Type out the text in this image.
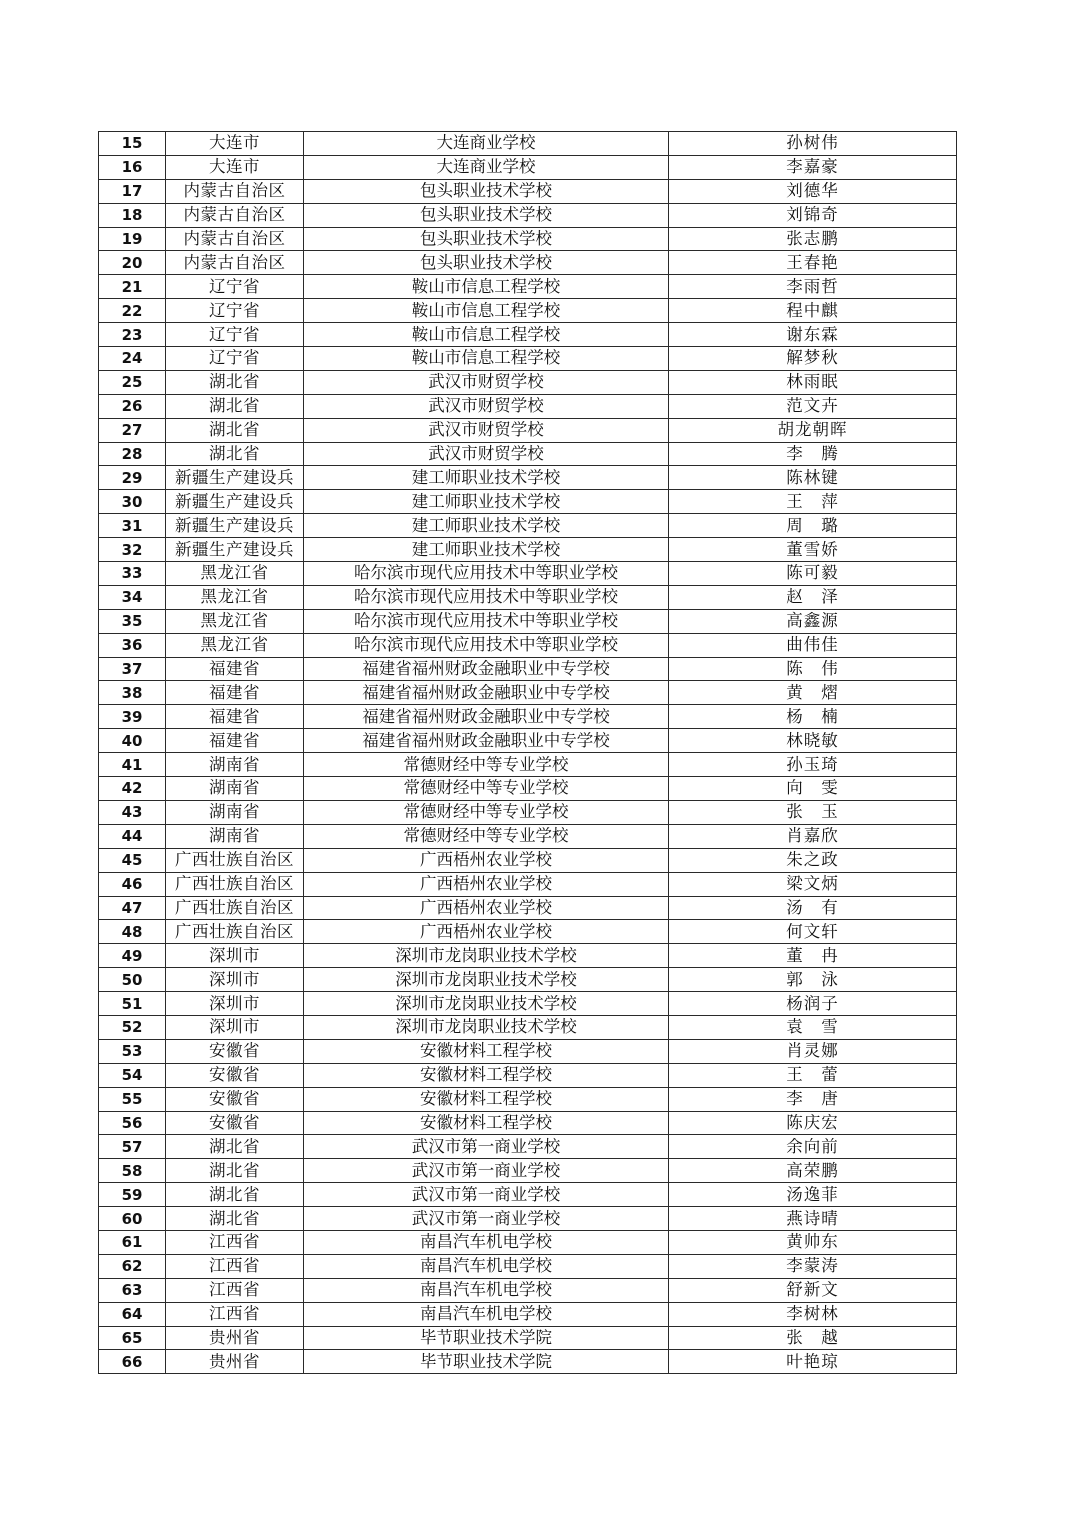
15	大连市	大连商业学校	孙树伟
16	大连市	大连商业学校	李嘉豪
17	内蒙古自治区	包头职业技术学校	刘德华
18	内蒙古自治区	包头职业技术学校	刘锦奇
19	内蒙古自治区	包头职业技术学校	张志鹏
20	内蒙古自治区	包头职业技术学校	王春艳
21	辽宁省	鞍山市信息工程学校	李雨哲
22	辽宁省	鞍山市信息工程学校	程中麒
23	辽宁省	鞍山市信息工程学校	谢东霖
24	辽宁省	鞍山市信息工程学校	解梦秋
25	湖北省	武汉市财贸学校	林雨眠
26	湖北省	武汉市财贸学校	范文卉
27	湖北省	武汉市财贸学校	胡龙朝晖
28	湖北省	武汉市财贸学校	李　腾
29	新疆生产建设兵	建工师职业技术学校	陈林键
30	新疆生产建设兵	建工师职业技术学校	王　萍
31	新疆生产建设兵	建工师职业技术学校	周　璐
32	新疆生产建设兵	建工师职业技术学校	董雪娇
33	黑龙江省	哈尔滨市现代应用技术中等职业学校	陈可毅
34	黑龙江省	哈尔滨市现代应用技术中等职业学校	赵　泽
35	黑龙江省	哈尔滨市现代应用技术中等职业学校	高鑫源
36	黑龙江省	哈尔滨市现代应用技术中等职业学校	曲伟佳
37	福建省	福建省福州财政金融职业中专学校	陈　伟
38	福建省	福建省福州财政金融职业中专学校	黄　熠
39	福建省	福建省福州财政金融职业中专学校	杨　楠
40	福建省	福建省福州财政金融职业中专学校	林晓敏
41	湖南省	常德财经中等专业学校	孙玉琦
42	湖南省	常德财经中等专业学校	向　雯
43	湖南省	常德财经中等专业学校	张　玉
44	湖南省	常德财经中等专业学校	肖嘉欣
45	广西壮族自治区	广西梧州农业学校	朱之政
46	广西壮族自治区	广西梧州农业学校	梁文炳
47	广西壮族自治区	广西梧州农业学校	汤　有
48	广西壮族自治区	广西梧州农业学校	何文轩
49	深圳市	深圳市龙岗职业技术学校	董　冉
50	深圳市	深圳市龙岗职业技术学校	郭　泳
51	深圳市	深圳市龙岗职业技术学校	杨润子
52	深圳市	深圳市龙岗职业技术学校	袁　雪
53	安徽省	安徽材料工程学校	肖灵娜
54	安徽省	安徽材料工程学校	王　蕾
55	安徽省	安徽材料工程学校	李　唐
56	安徽省	安徽材料工程学校	陈庆宏
57	湖北省	武汉市第一商业学校	余向前
58	湖北省	武汉市第一商业学校	高荣鹏
59	湖北省	武汉市第一商业学校	汤逸菲
60	湖北省	武汉市第一商业学校	燕诗晴
61	江西省	南昌汽车机电学校	黄帅东
62	江西省	南昌汽车机电学校	李蒙涛
63	江西省	南昌汽车机电学校	舒新文
64	江西省	南昌汽车机电学校	李树林
65	贵州省	毕节职业技术学院	张　越
66	贵州省	毕节职业技术学院	叶艳琼
